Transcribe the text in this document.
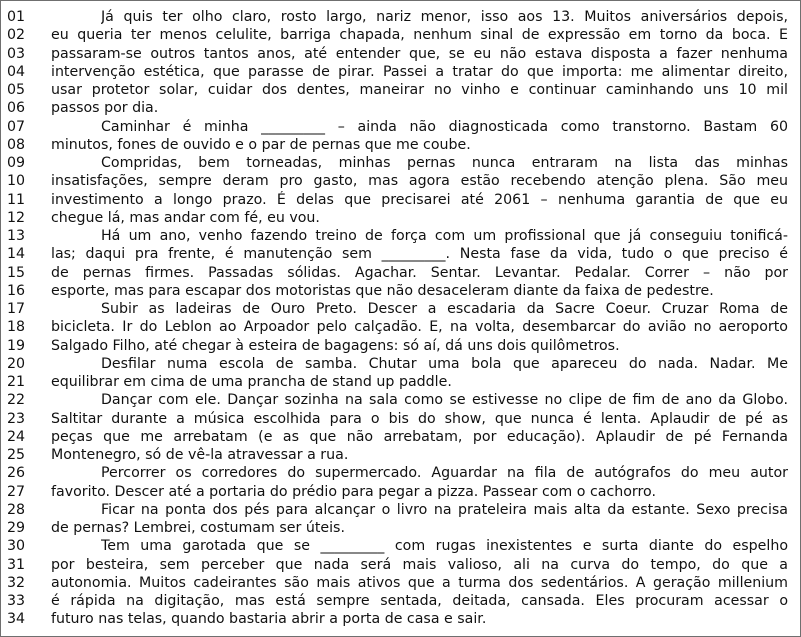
01	Já quis ter olho claro, rosto largo, nariz menor, isso aos 13. Muitos aniversários depois,
02	eu queria ter menos celulite, barriga chapada, nenhum sinal de expressão em torno da boca. E
03	passaram-se outros tantos anos, até entender que, se eu não estava disposta a fazer nenhuma
04	intervenção estética, que parasse de pirar. Passei a tratar do que importa: me alimentar direito,
05	usar protetor solar, cuidar dos dentes, maneirar no vinho e continuar caminhando uns 10 mil
06	passos por dia.
07	Caminhar é minha _________ – ainda não diagnosticada como transtorno. Bastam 60
08	minutos, fones de ouvido e o par de pernas que me coube.
09	Compridas, bem torneadas, minhas pernas nunca entraram na lista das minhas
10	insatisfações, sempre deram pro gasto, mas agora estão recebendo atenção plena. São meu
11	investimento a longo prazo. É delas que precisarei até 2061 – nenhuma garantia de que eu
12	chegue lá, mas andar com fé, eu vou.
13	Há um ano, venho fazendo treino de força com um profissional que já conseguiu tonificá-
14	las; daqui pra frente, é manutenção sem _________. Nesta fase da vida, tudo o que preciso é
15	de pernas firmes. Passadas sólidas. Agachar. Sentar. Levantar. Pedalar. Correr – não por
16	esporte, mas para escapar dos motoristas que não desaceleram diante da faixa de pedestre.
17	Subir as ladeiras de Ouro Preto. Descer a escadaria da Sacre Coeur. Cruzar Roma de
18	bicicleta. Ir do Leblon ao Arpoador pelo calçadão. E, na volta, desembarcar do avião no aeroporto
19	Salgado Filho, até chegar à esteira de bagagens: só aí, dá uns dois quilômetros.
20	Desfilar numa escola de samba. Chutar uma bola que apareceu do nada. Nadar. Me
21	equilibrar em cima de uma prancha de stand up paddle.
22	Dançar com ele. Dançar sozinha na sala como se estivesse no clipe de fim de ano da Globo.
23	Saltitar durante a música escolhida para o bis do show, que nunca é lenta. Aplaudir de pé as
24	peças que me arrebatam (e as que não arrebatam, por educação). Aplaudir de pé Fernanda
25	Montenegro, só de vê-la atravessar a rua.
26	Percorrer os corredores do supermercado. Aguardar na fila de autógrafos do meu autor
27	favorito. Descer até a portaria do prédio para pegar a pizza. Passear com o cachorro.
28	Ficar na ponta dos pés para alcançar o livro na prateleira mais alta da estante. Sexo precisa
29	de pernas? Lembrei, costumam ser úteis.
30	Tem uma garotada que se _________ com rugas inexistentes e surta diante do espelho
31	por besteira, sem perceber que nada será mais valioso, ali na curva do tempo, do que a
32	autonomia. Muitos cadeirantes são mais ativos que a turma dos sedentários. A geração millenium
33	é rápida na digitação, mas está sempre sentada, deitada, cansada. Eles procuram acessar o
34	futuro nas telas, quando bastaria abrir a porta de casa e sair.
